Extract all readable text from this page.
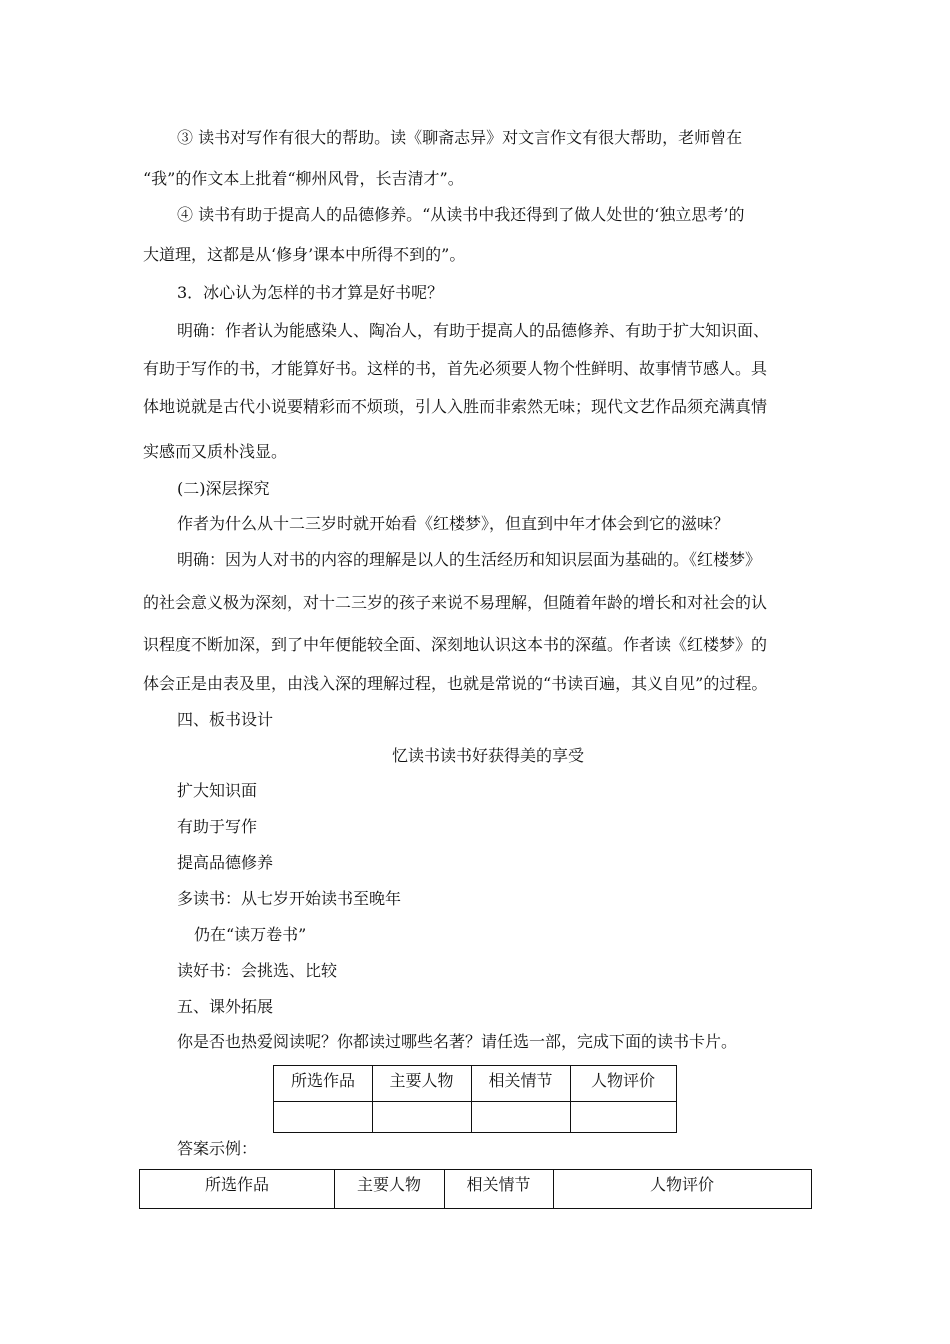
③ 读书对写作有很大的帮助。读《聊斋志异》对文言作文有很大帮助，老师曾在
“我”的作文本上批着“柳州风骨，长吉清才”。
④ 读书有助于提高人的品德修养。“从读书中我还得到了做人处世的‘独立思考’的
大道理，这都是从‘修身’课本中所得不到的”。
3．冰心认为怎样的书才算是好书呢？
明确：作者认为能感染人、陶冶人，有助于提高人的品德修养、有助于扩大知识面、
有助于写作的书，才能算好书。这样的书，首先必须要人物个性鲜明、故事情节感人。具
体地说就是古代小说要精彩而不烦琐，引人入胜而非索然无味；现代文艺作品须充满真情
实感而又质朴浅显。
(二)深层探究
作者为什么从十二三岁时就开始看《红楼梦》，但直到中年才体会到它的滋味？
明确：因为人对书的内容的理解是以人的生活经历和知识层面为基础的。《红楼梦》
的社会意义极为深刻，对十二三岁的孩子来说不易理解，但随着年龄的增长和对社会的认
识程度不断加深，到了中年便能较全面、深刻地认识这本书的深蕴。作者读《红楼梦》的
体会正是由表及里，由浅入深的理解过程，也就是常说的“书读百遍，其义自见”的过程。
四、板书设计
忆读书读书好获得美的享受
扩大知识面
有助于写作
提高品德修养
多读书：从七岁开始读书至晚年
仍在“读万卷书”
读好书：会挑选、比较
五、课外拓展
你是否也热爱阅读呢？你都读过哪些名著？请任选一部，完成下面的读书卡片。
所选作品	主要人物	相关情节	人物评价
答案示例：
所选作品	主要人物	相关情节	人物评价
